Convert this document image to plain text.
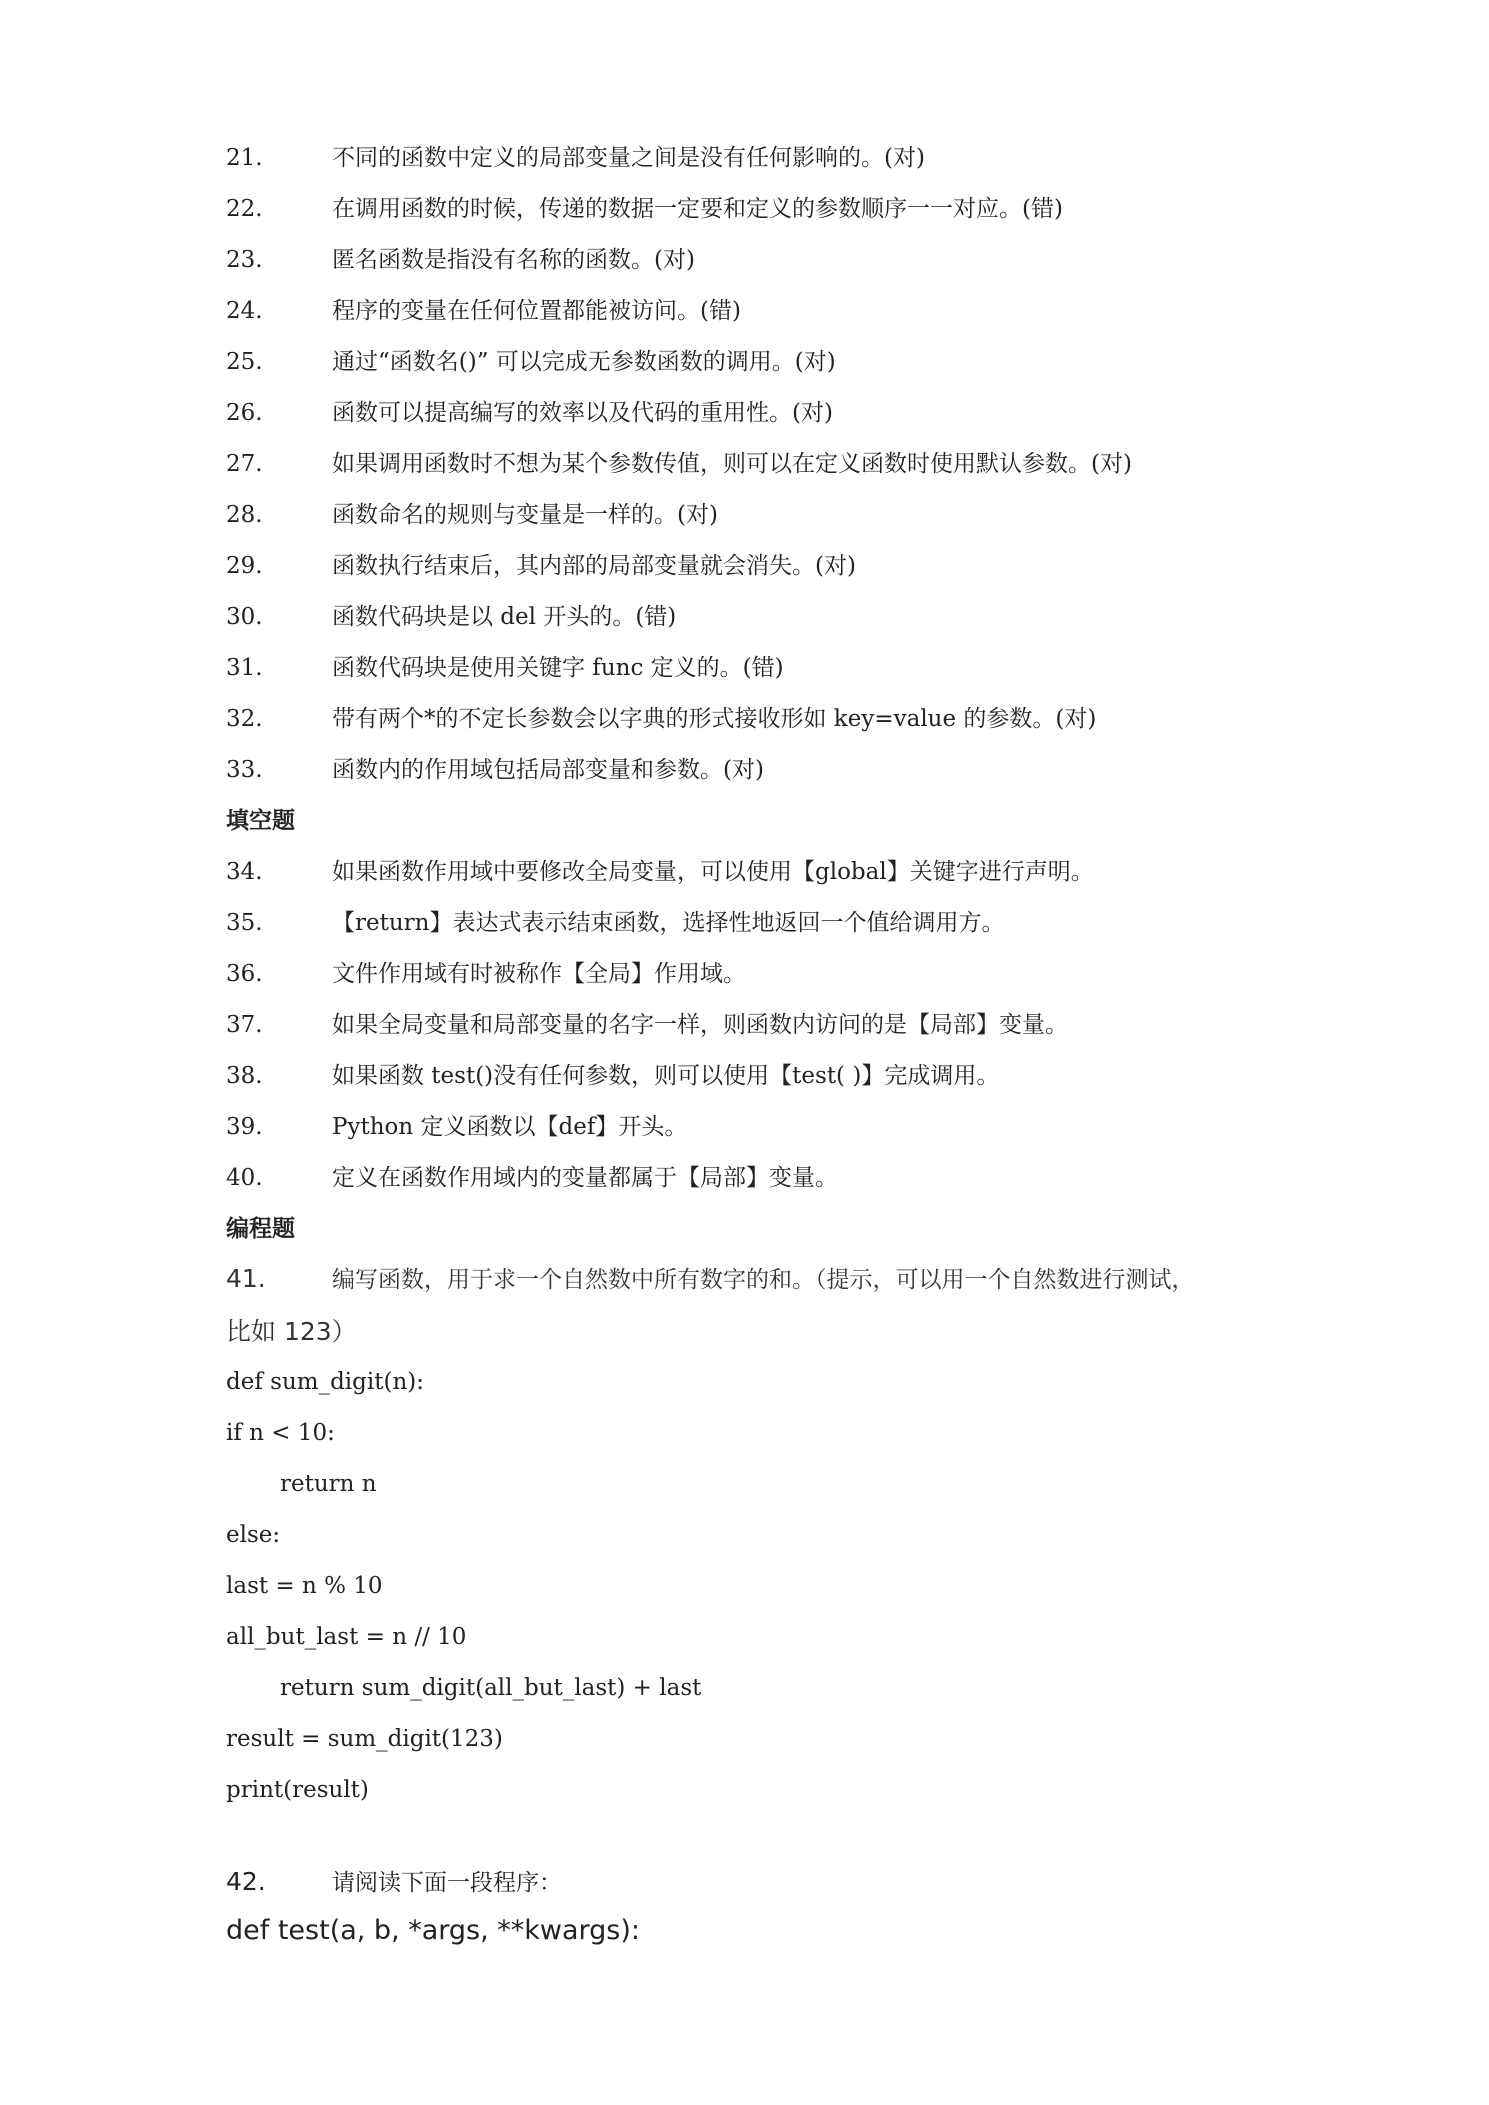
21.	不同的函数中定义的局部变量之间是没有任何影响的。(对)
22.	在调用函数的时候，传递的数据一定要和定义的参数顺序一一对应。(错)
23.	匿名函数是指没有名称的函数。(对)
24.	程序的变量在任何位置都能被访问。(错)
25.	通过“函数名()” 可以完成无参数函数的调用。(对)
26.	函数可以提高编写的效率以及代码的重用性。(对)
27.	如果调用函数时不想为某个参数传值，则可以在定义函数时使用默认参数。(对)
28.	函数命名的规则与变量是一样的。(对)
29.	函数执行结束后，其内部的局部变量就会消失。(对)
30.	函数代码块是以 del 开头的。(错)
31.	函数代码块是使用关键字 func 定义的。(错)
32.	带有两个*的不定长参数会以字典的形式接收形如 key=value 的参数。(对)
33.	函数内的作用域包括局部变量和参数。(对)
填空题
34.	如果函数作用域中要修改全局变量，可以使用【global】关键字进行声明。
35.	【return】表达式表示结束函数，选择性地返回一个值给调用方。
36.	文件作用域有时被称作【全局】作用域。
37.	如果全局变量和局部变量的名字一样，则函数内访问的是【局部】变量。
38.	如果函数 test()没有任何参数，则可以使用【test( )】完成调用。
39.	Python 定义函数以【def】开头。
40.	定义在函数作用域内的变量都属于【局部】变量。
编程题
41.	编写函数，用于求一个自然数中所有数字的和。（提示，可以用一个自然数进行测试，
比如 123）
def sum_digit(n):
if n < 10:
return n
else:
last = n % 10
all_but_last = n // 10
return sum_digit(all_but_last) + last
result = sum_digit(123)
print(result)
42.	请阅读下面一段程序：
def test(a, b, *args, **kwargs):
